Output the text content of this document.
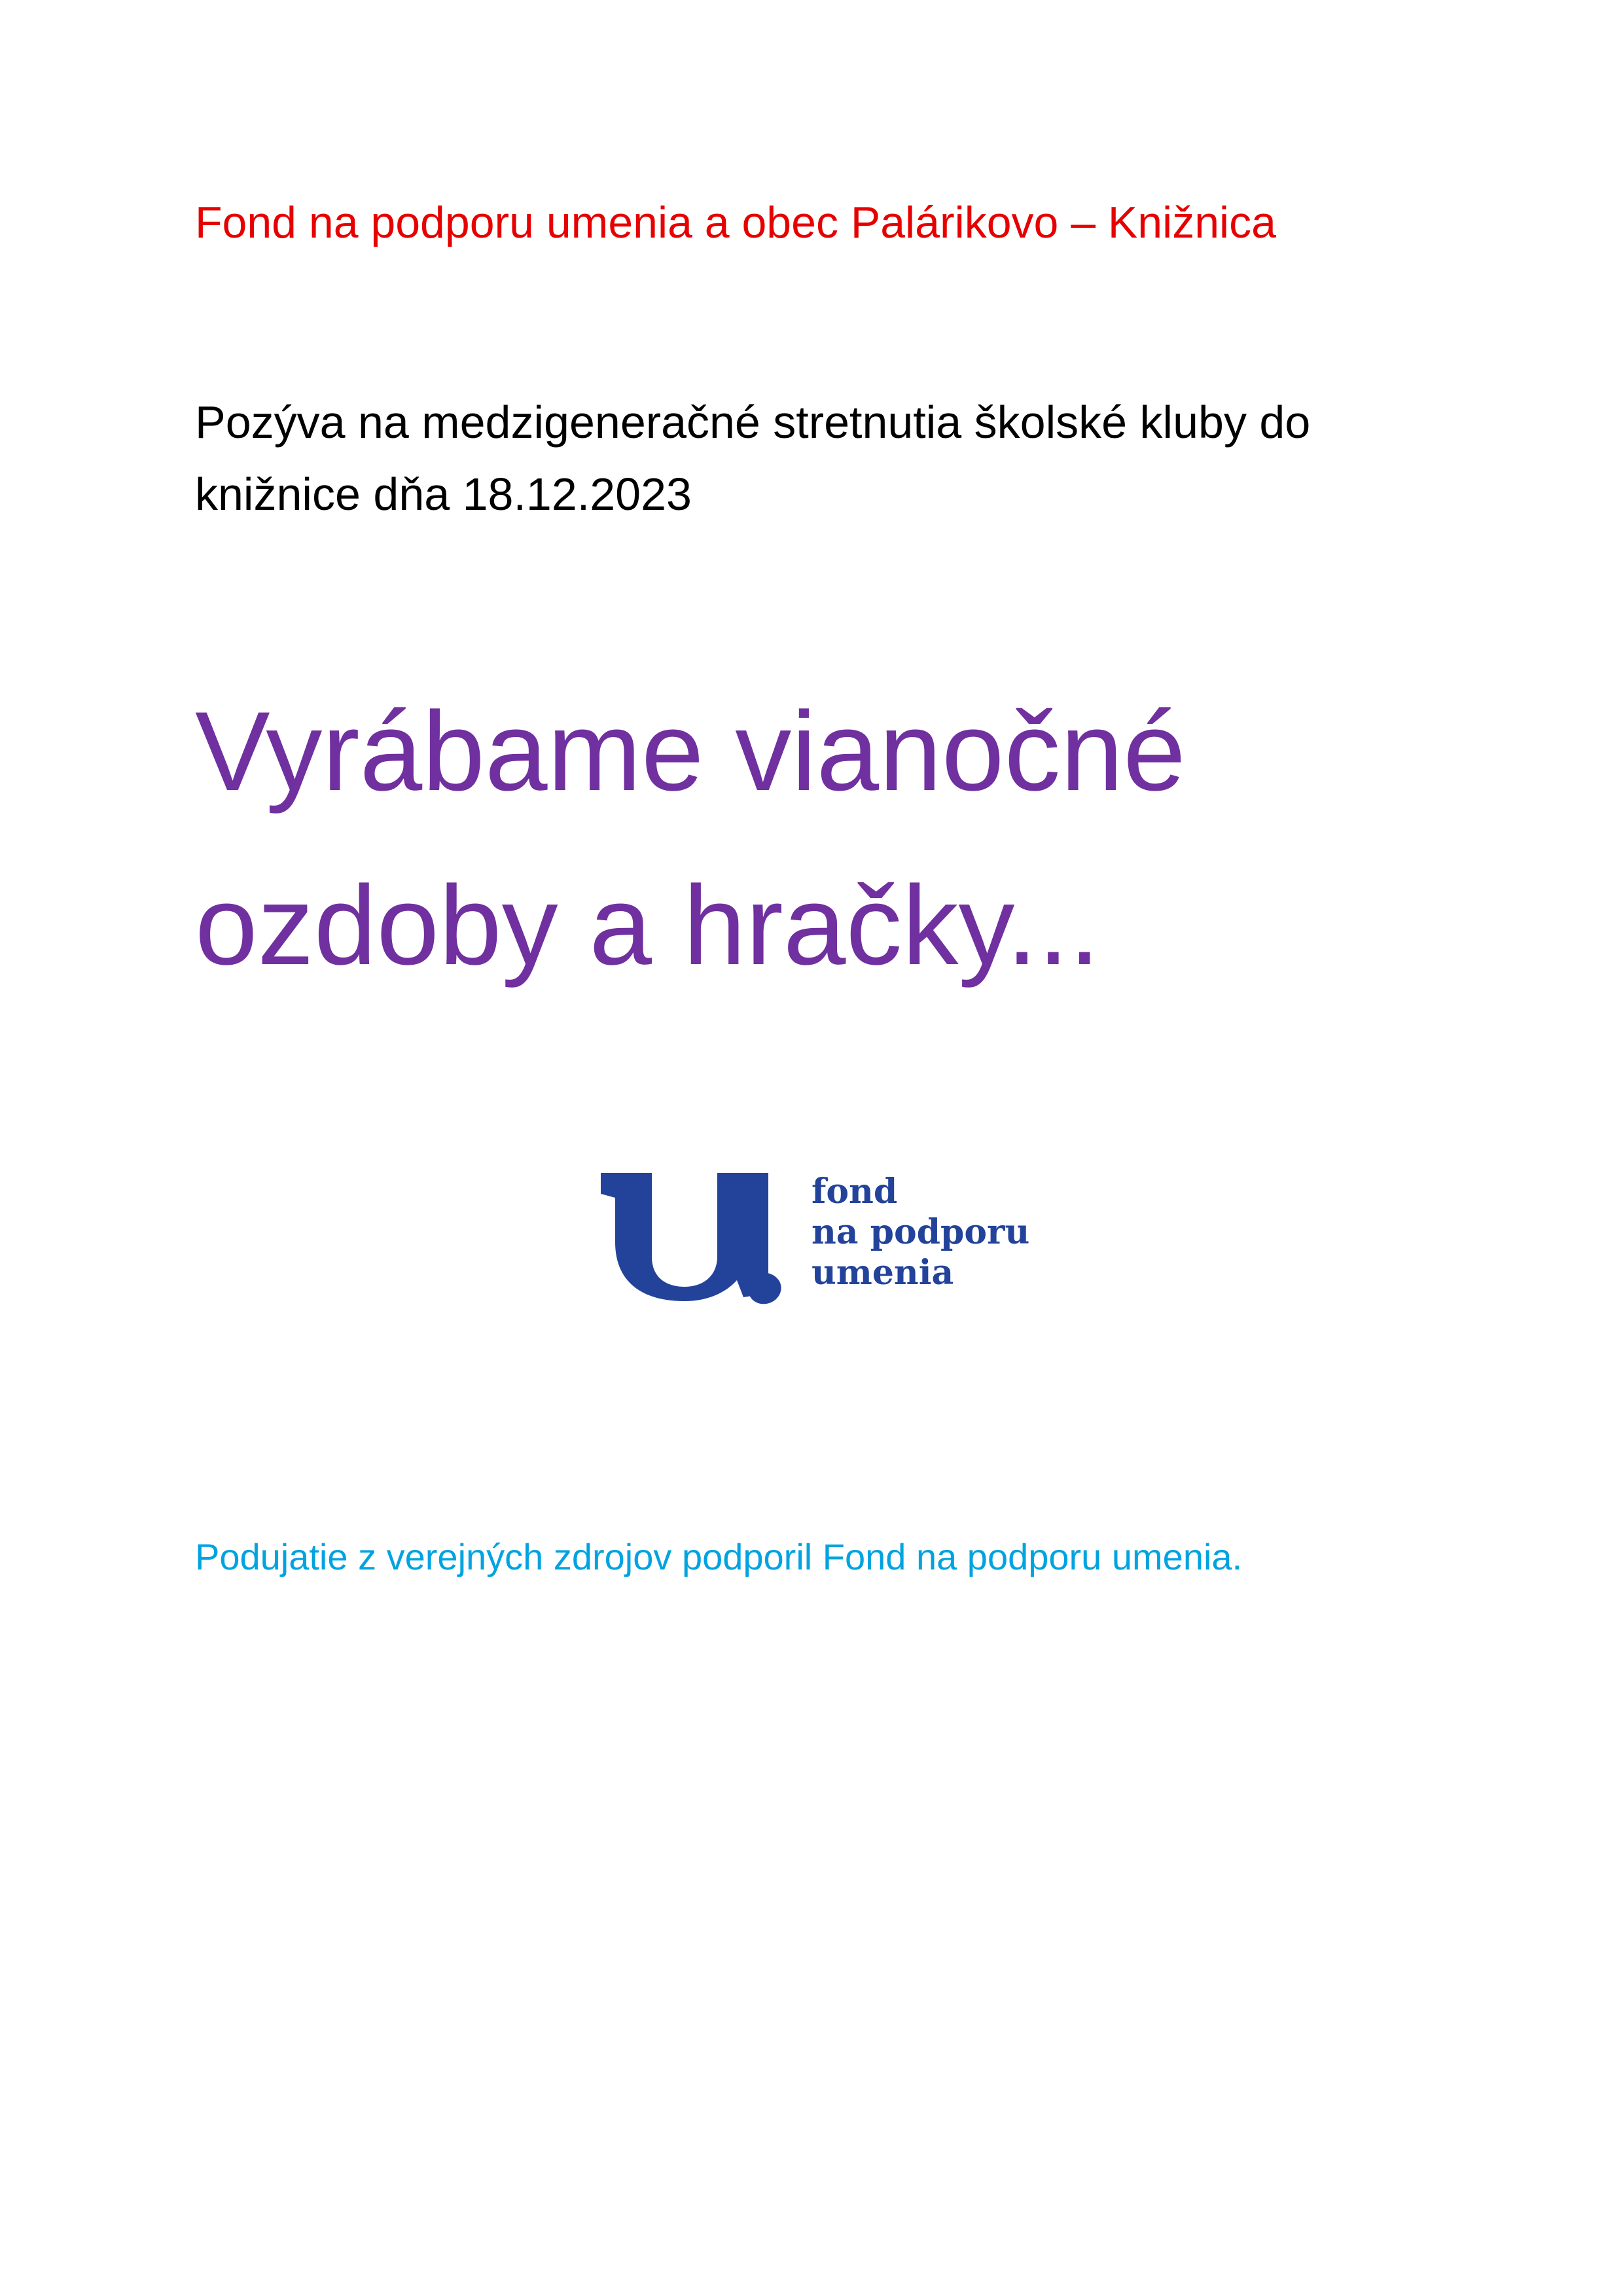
Fond na podporu umenia a obec Palárikovo – Knižnica
Pozýva na medzigeneračné stretnutia školské kluby do
knižnice dňa 18.12.2023
Vyrábame vianočné
ozdoby a hračky...
fond
na podporu
umenia
Podujatie z verejných zdrojov podporil Fond na podporu umenia.
